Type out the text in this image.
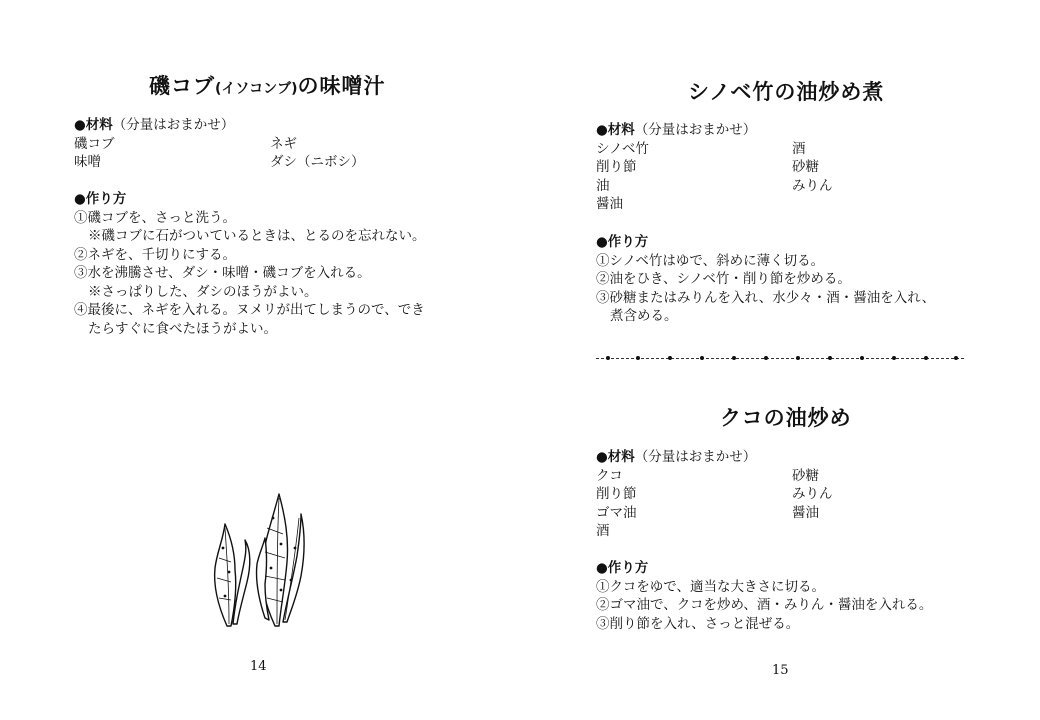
磯コブ(イソコンブ)の味噌汁
●材料（分量はおまかせ）
磯コブ	ネギ
味噌	ダシ（ニボシ）
●作り方
①磯コブを、さっと洗う。
※磯コブに石がついているときは、とるのを忘れない。
②ネギを、千切りにする。
③水を沸騰させ、ダシ・味噌・磯コブを入れる。
※さっぱりした、ダシのほうがよい。
④最後に、ネギを入れる。ヌメリが出てしまうので、でき
たらすぐに食べたほうがよい。
14
シノベ竹の油炒め煮
●材料（分量はおまかせ）
シノベ竹	酒
削り節	砂糖
油	みりん
醤油
●作り方
①シノベ竹はゆで、斜めに薄く切る。
②油をひき、シノベ竹・削り節を炒める。
③砂糖またはみりんを入れ、水少々・酒・醤油を入れ、
煮含める。
クコの油炒め
●材料（分量はおまかせ）
クコ	砂糖
削り節	みりん
ゴマ油	醤油
酒
●作り方
①クコをゆで、適当な大きさに切る。
②ゴマ油で、クコを炒め、酒・みりん・醤油を入れる。
③削り節を入れ、さっと混ぜる。
15
